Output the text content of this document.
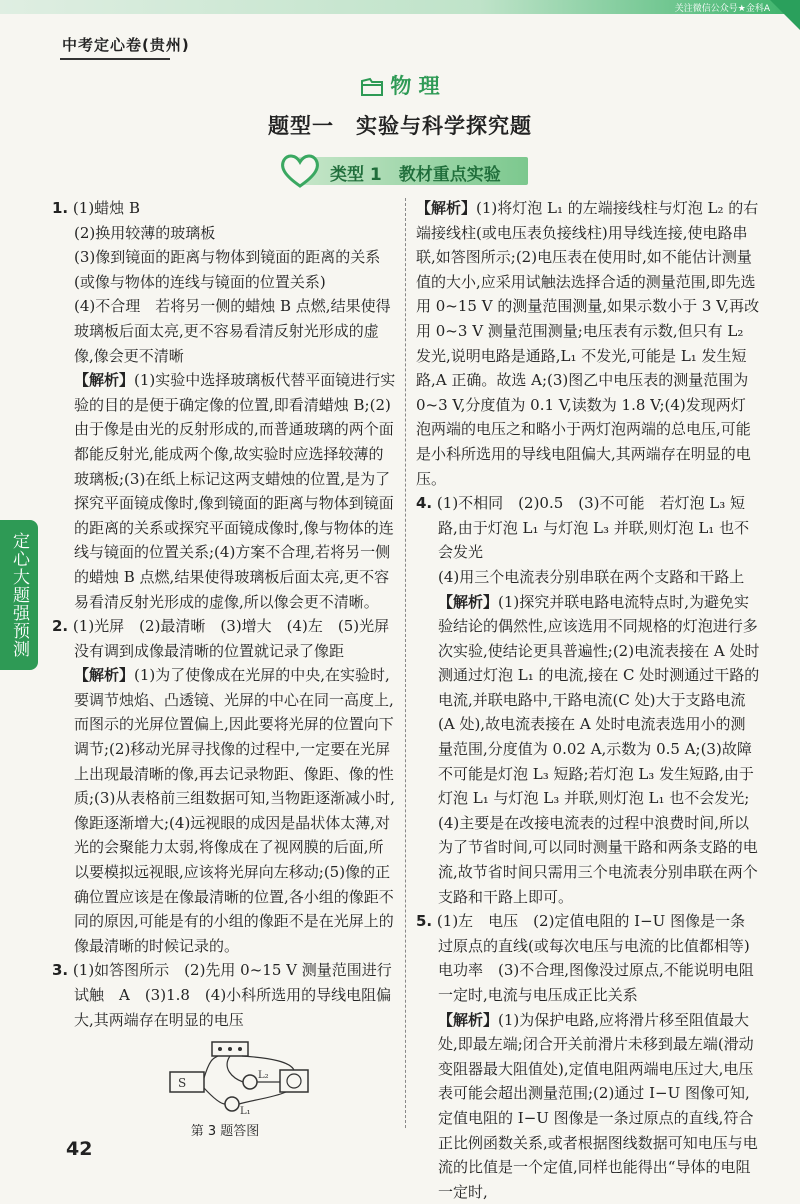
关注微信公众号★金科A
中考定心卷(贵州)
物 理
题型一　实验与科学探究题
类型 1　教材重点实验
定心大题强预测

1. (1)蜡烛 B

(2)换用较薄的玻璃板

(3)像到镜面的距离与物体到镜面的距离的关系(或像与物体的连线与镜面的位置关系)

(4)不合理　若将另一侧的蜡烛 B 点燃,结果使得玻璃板后面太亮,更不容易看清反射光形成的虚像,像会更不清晰

【解析】(1)实验中选择玻璃板代替平面镜进行实验的目的是便于确定像的位置,即看清蜡烛 B;(2)由于像是由光的反射形成的,而普通玻璃的两个面都能反射光,能成两个像,故实验时应选择较薄的玻璃板;(3)在纸上标记这两支蜡烛的位置,是为了探究平面镜成像时,像到镜面的距离与物体到镜面的距离的关系或探究平面镜成像时,像与物体的连线与镜面的位置关系;(4)方案不合理,若将另一侧的蜡烛 B 点燃,结果使得玻璃板后面太亮,更不容易看清反射光形成的虚像,所以像会更不清晰。

2. (1)光屏　(2)最清晰　(3)增大　(4)左　(5)光屏没有调到成像最清晰的位置就记录了像距

【解析】(1)为了使像成在光屏的中央,在实验时,要调节烛焰、凸透镜、光屏的中心在同一高度上,而图示的光屏位置偏上,因此要将光屏的位置向下调节;(2)移动光屏寻找像的过程中,一定要在光屏上出现最清晰的像,再去记录物距、像距、像的性质;(3)从表格前三组数据可知,当物距逐渐减小时,像距逐渐增大;(4)远视眼的成因是晶状体太薄,对光的会聚能力太弱,将像成在了视网膜的后面,所以要模拟远视眼,应该将光屏向左移动;(5)像的正确位置应该是在像最清晰的位置,各小组的像距不同的原因,可能是有的小组的像距不是在光屏上的像最清晰的时候记录的。

3. (1)如答图所示　(2)先用 0~15 V 测量范围进行试触　A　(3)1.8　(4)小科所选用的导线电阻偏大,其两端存在明显的电压

S
L₂
L₁
第 3 题答图

【解析】(1)将灯泡 L₁ 的左端接线柱与灯泡 L₂ 的右端接线柱(或电压表负接线柱)用导线连接,使电路串联,如答图所示;(2)电压表在使用时,如不能估计测量值的大小,应采用试触法选择合适的测量范围,即先选用 0~15 V 的测量范围测量,如果示数小于 3 V,再改用 0~3 V 测量范围测量;电压表有示数,但只有 L₂ 发光,说明电路是通路,L₁ 不发光,可能是 L₁ 发生短路,A 正确。故选 A;(3)图乙中电压表的测量范围为 0~3 V,分度值为 0.1 V,读数为 1.8 V;(4)发现两灯泡两端的电压之和略小于两灯泡两端的总电压,可能是小科所选用的导线电阻偏大,其两端存在明显的电压。

4. (1)不相同　(2)0.5　(3)不可能　若灯泡 L₃ 短路,由于灯泡 L₁ 与灯泡 L₃ 并联,则灯泡 L₁ 也不会发光

(4)用三个电流表分别串联在两个支路和干路上

【解析】(1)探究并联电路电流特点时,为避免实验结论的偶然性,应该选用不同规格的灯泡进行多次实验,使结论更具普遍性;(2)电流表接在 A 处时测通过灯泡 L₁ 的电流,接在 C 处时测通过干路的电流,并联电路中,干路电流(C 处)大于支路电流(A 处),故电流表接在 A 处时电流表选用小的测量范围,分度值为 0.02 A,示数为 0.5 A;(3)故障不可能是灯泡 L₃ 短路;若灯泡 L₃ 发生短路,由于灯泡 L₁ 与灯泡 L₃ 并联,则灯泡 L₁ 也不会发光;(4)主要是在改接电流表的过程中浪费时间,所以为了节省时间,可以同时测量干路和两条支路的电流,故节省时间只需用三个电流表分别串联在两个支路和干路上即可。

5. (1)左　电压　(2)定值电阻的 I−U 图像是一条过原点的直线(或每次电压与电流的比值都相等)

电功率　(3)不合理,图像没过原点,不能说明电阻一定时,电流与电压成正比关系

【解析】(1)为保护电路,应将滑片移至阻值最大处,即最左端;闭合开关前滑片未移到最左端(滑动变阻器最大阻值处),定值电阻两端电压过大,电压表可能会超出测量范围;(2)通过 I−U 图像可知,定值电阻的 I−U 图像是一条过原点的直线,符合正比例函数关系,或者根据图线数据可知电压与电流的比值是一个定值,同样也能得出“导体的电阻一定时,

42
